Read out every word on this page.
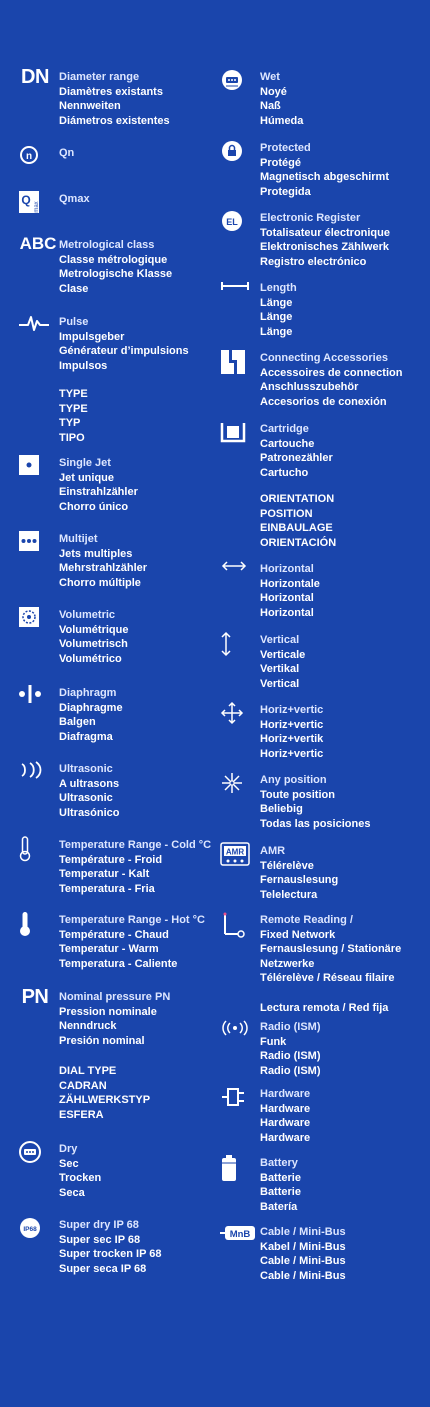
DN Diameter range
Diamètres existants
Nennweiten
Diámetros existentes
n Qn
Q max
Qmax
ABC Metrological class
Classe métrologique
Metrologische Klasse
Clase
Pulse
Impulsgeber
Générateur d’impulsions
Impulsos
TYPE
TYPE
TYP
TIPO
Single Jet
Jet unique
Einstrahlzähler
Chorro único
Multijet
Jets multiples
Mehrstrahlzähler
Chorro múltiple
Volumetric
Volumétrique
Volumetrisch
Volumétrico
Diaphragm
Diaphragme
Balgen
Diafragma
Ultrasonic
A ultrasons
Ultrasonic
Ultrasónico
Temperature Range - Cold °C
Température - Froid
Temperatur - Kalt
Temperatura - Fria
Temperature Range - Hot °C
Température - Chaud
Temperatur - Warm
Temperatura - Caliente
PN Nominal pressure PN
Pression nominale
Nenndruck
Presión nominal
DIAL TYPE
CADRAN
ZÄHLWERKSTYP
ESFERA
Dry
Sec
Trocken
Seca
IP68 Super dry IP 68
Super sec IP 68
Super trocken IP 68
Super seca IP 68
Wet
Noyé
Naß
Húmeda
Protected
Protégé
Magnetisch abgeschirmt
Protegida
EL Electronic Register
Totalisateur électronique
Elektronisches Zählwerk
Registro electrónico
Length
Länge
Länge
Länge
Connecting Accessories
Accessoires de connection
Anschlusszubehör
Accesorios de conexión
Cartridge
Cartouche
Patronezähler
Cartucho
ORIENTATION
POSITION
EINBAULAGE
ORIENTACIÓN
Horizontal
Horizontale
Horizontal
Horizontal
Vertical
Verticale
Vertikal
Vertical
Horiz+vertic
Horiz+vertic
Horiz+vertik
Horiz+vertic
Any position
Toute position
Beliebig
Todas las posiciones
AMR AMR
Télérelève
Fernauslesung
Telelectura
Remote Reading /
Fixed Network
Fernauslesung / Stationäre
Netzwerke
Télérelève / Réseau filaire
Lectura remota / Red fija
Radio (ISM)
Funk
Radio (ISM)
Radio (ISM)
Hardware
Hardware
Hardware
Hardware
Battery
Batterie
Batterie
Batería
MnB Cable / Mini-Bus
Kabel / Mini-Bus
Cable / Mini-Bus
Cable / Mini-Bus
